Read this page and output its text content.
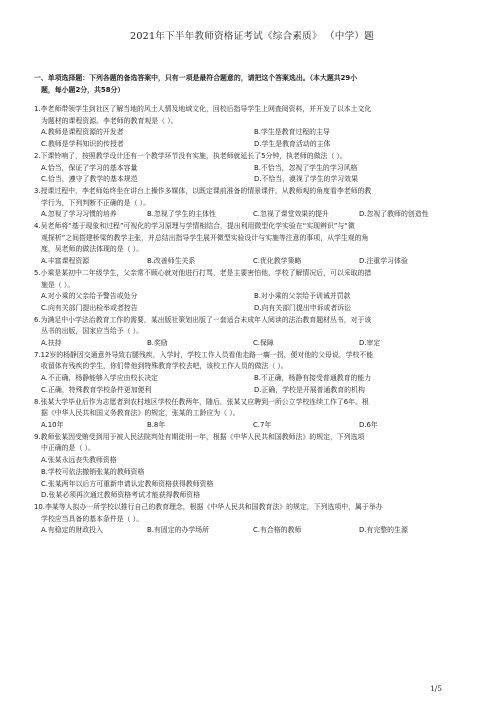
2021年下半年教师资格证考试《综合素质》 （中学）题
一、单项选择题：下列各题的备选答案中，只有一项是最符合题意的，请把这个答案选出。（本大题共29小
题，每小题2分，共58分）
1.李老师带领学生到社区了解当地的风土人情及地域文化，回校后指导学生上网查阅资料，并开发了以本土文化
为题材的课程资源。李老师的教育观是（ ）。
A.教师是课程资源的开发者	B.学生是教育过程的主导
C.教师是学科知识的传授者	D.学生是教育活动的主体
2.下课铃响了，按照教学设计还有一个教学环节没有实施，执老师就延长了5分钟，执老师的做法（ ）。
A.恰当，保证了学习的基本容量	B.不恰当，忽视了学生的学习风格
C.恰当，遵守了教学的基本规范	D.不恰当，漠视了学生的学习效果
3.授课过程中，李老师始终坐在讲台上操作多媒体，以既定课前准备的情景课件，从教师观的角度看李老师的教
学行为，下列判断不正确的是（ ）。
A.忽视了学习习惯的培养	B.忽视了学生的主体性	C.忽视了课堂效果的提升	D.忽视了教师的创造性
4.吴老师将“基于现象和过程”可视化的学习原理与学情相结合，提出利用微型化学实验在“实现辨识”与“微
观探析”之间搭建桥梁的教学主张，并总结出指导学生展开微型实验设计与实施等注意的事项，从学生观的角
度，吴老师的做法体现的是（ ）。
A.丰富课程资源	B.改善师生关系	C.优化教学策略	D.注重学习体验
5.小乘是某初中二年级学生，父亲常不顾心就对他进行打骂，老是主要害怕他，学校了解情况后，可以采取的措
施是（ ）。
A.对小乘的父亲给予警告或处分	B.对小乘的父亲给予训诫并罚款
C.向有关部门提出检举或者控告	D.向有关部门提出申诉或者诉讼
6.为满足中小学法治教育工作的需要，某出版社策划出版了一套适合未成年人阅读的法治教育题材丛书，对于该
丛书的出版，国家应当给予（ ）。
A.扶持	B.奖励	C.保障	D.审定
7.12岁的杨静因交通意外导致右腿残疾，入学时，学校工作人员看他走路一瘸一拐，便对他的父母说，学校不能
收留体有残疾的学生，你们带他到特殊教育学校去吧，该校工作人员的做法（ ）。
A.不正确，杨静能够入学应由校长决定	B.不正确，杨静有接受普通教育的能力
C.正确，特殊教育学校条件更加便利	D.正确，学校是开展普通教育的机构
8.张某大学毕业后作为志愿者到农村地区学校任教两年，随后，张某又应聘到一所公立学校连续工作了6年。根
据《中华人民共和国义务教育法》的规定，张某的工龄应为（ ）。
A.10年	B.8年	C.7年	D.6年
9.教师张某因受贿受到用于被人民法院判处有期徒刑一年，根据《中华人民共和国教师法》的规定，下列选项
中正确的是（ ）。
A.张某永远丧失教师资格
B.学校可依法撤销张某的教师资格
C.张某两年以后方可重新申请认定教师资格获得教师资格
D.张某必须再次通过教师资格考试才能获得教师资格
10.李某等人拟办一所学校以推行自己的教育理念，根据《中华人民共和国教育法》的规定，下列选项中，属于举办
学校应当具备的基本条件是（ ）。
A.有稳定的财政投入	B.有固定的办学场所	C.有合格的教师	D.有完整的生源
1/5
